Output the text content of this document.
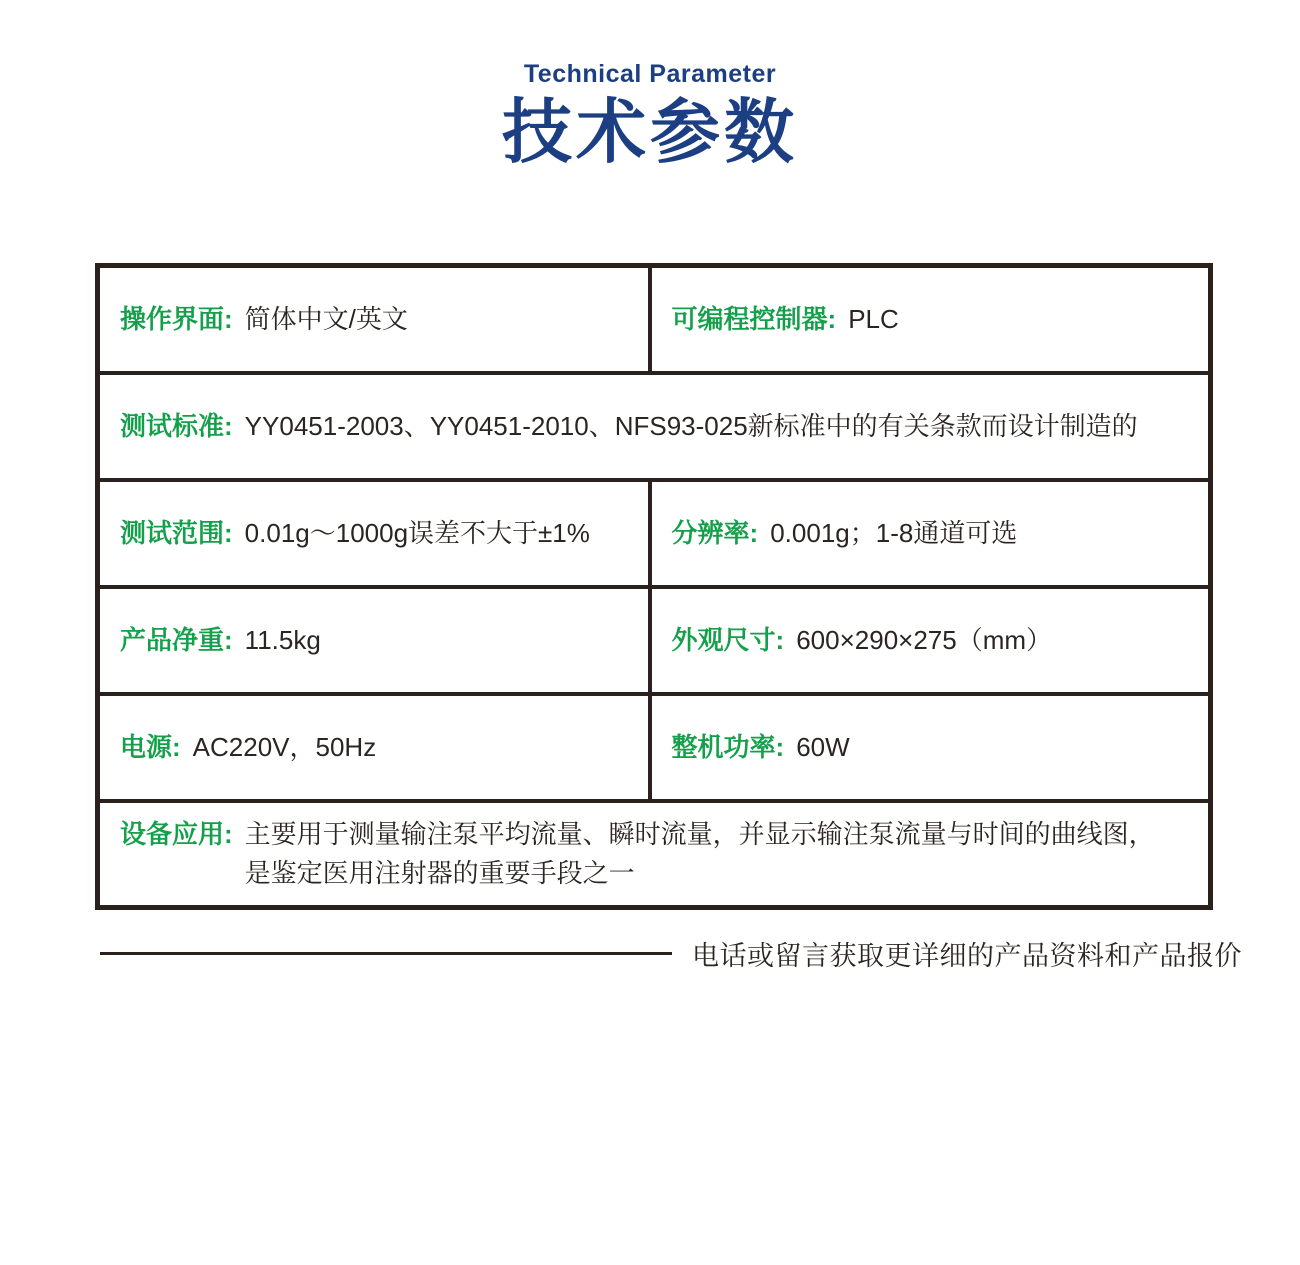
Technical Parameter
技术参数
操作界面: 简体中文/英文	可编程控制器: PLC

测试标准: YY0451-2003、YY0451-2010、NFS93-025新标准中的有关条款而设计制造的	

测试范围: 0.01g～1000g误差不大于±1%	分辨率: 0.001g；1-8通道可选

产品净重: 11.5kg	外观尺寸: 600×290×275（mm）

电源: AC220V，50Hz	整机功率: 60W

设备应用: 主要用于测量输注泵平均流量、瞬时流量，并显示输注泵流量与时间的曲线图，
是鉴定医用注射器的重要手段之一	
电话或留言获取更详细的产品资料和产品报价
